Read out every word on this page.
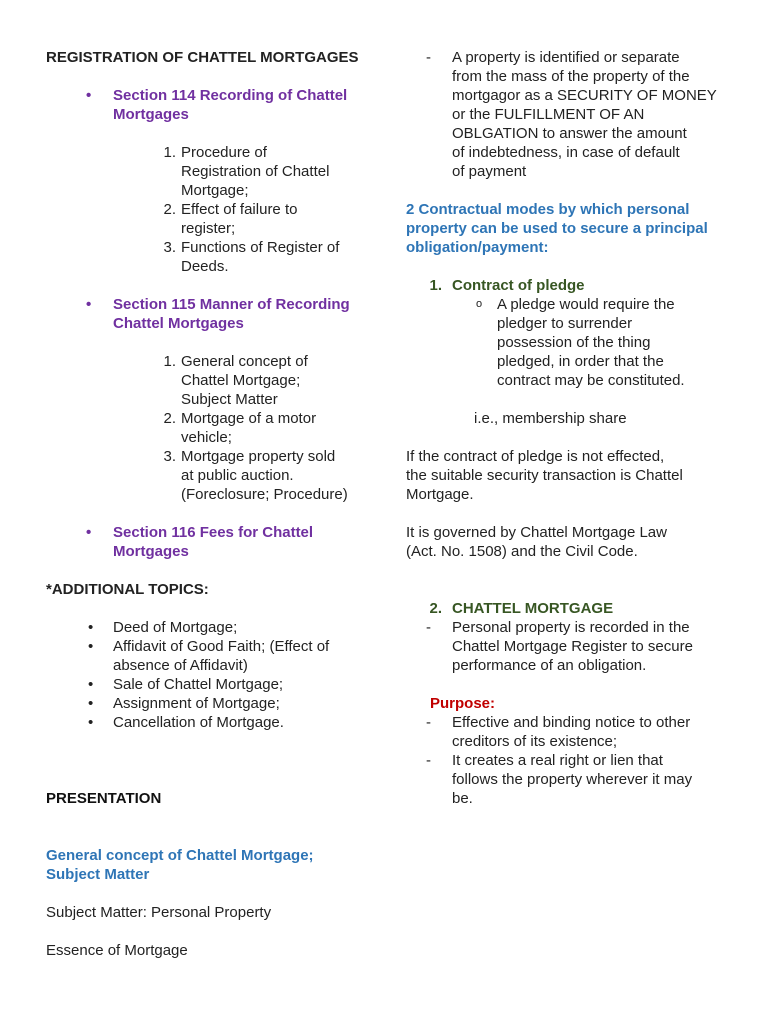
REGISTRATION OF CHATTEL MORTGAGES
• Section 114 Recording of Chattel
Mortgages
1. Procedure of
Registration of Chattel
Mortgage;
2. Effect of failure to
register;
3. Functions of Register of
Deeds.
• Section 115 Manner of Recording
Chattel Mortgages
1. General concept of
Chattel Mortgage;
Subject Matter
2. Mortgage of a motor
vehicle;
3. Mortgage property sold
at public auction.
(Foreclosure; Procedure)
• Section 116 Fees for Chattel
Mortgages
*ADDITIONAL TOPICS:
• Deed of Mortgage;
• Affidavit of Good Faith; (Effect of
absence of Affidavit)
• Sale of Chattel Mortgage;
• Assignment of Mortgage;
• Cancellation of Mortgage.
PRESENTATION
General concept of Chattel Mortgage;
Subject Matter
Subject Matter: Personal Property
Essence of Mortgage
- A property is identified or separate
from the mass of the property of the
mortgagor as a SECURITY OF MONEY
or the FULFILLMENT OF AN
OBLGATION to answer the amount
of indebtedness, in case of default
of payment
2 Contractual modes by which personal
property can be used to secure a principal
obligation/payment:
1. Contract of pledge
o A pledge would require the
pledger to surrender
possession of the thing
pledged, in order that the
contract may be constituted.
i.e., membership share
If the contract of pledge is not effected,
the suitable security transaction is Chattel
Mortgage.
It is governed by Chattel Mortgage Law
(Act. No. 1508) and the Civil Code.
2. CHATTEL MORTGAGE
- Personal property is recorded in the
Chattel Mortgage Register to secure
performance of an obligation.
Purpose:
- Effective and binding notice to other
creditors of its existence;
- It creates a real right or lien that
follows the property wherever it may
be.
